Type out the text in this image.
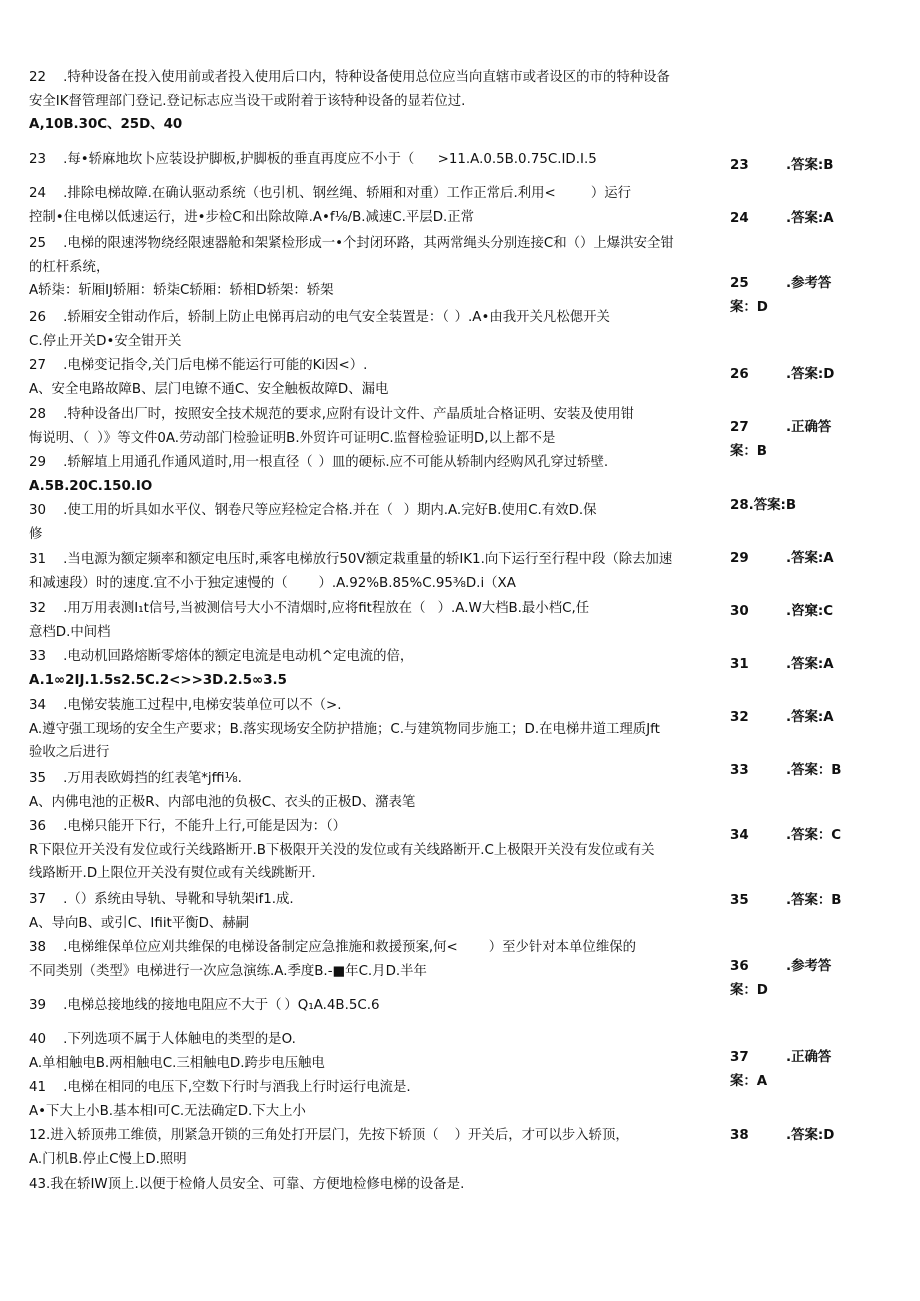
22	.特种设备在投入使用前或者投入使用后口内，特种设备使用总位应当向直辖市或者设区的市的特种设备
安全IK督管理部门登记.登记标志应当设干或附着于该特种设备的显若位过.
A,10B.30C、25D、40
23	.每•轿麻地坎卜应装设护脚板,护脚板的垂直再度应不小于（		>11.A.0.5B.0.75C.ID.I.5
24	.排除电梯故障.在确认驱动系统（也引机、钢丝绳、轿厢和对重）工作正常后.利用<		）运行
控制•住电梯以低速运行，进•步检C和出除故障.A•f⅛/B.减速C.平层D.正常
25	.电梯的限速涔物绕经限速器舱和架紧检形成一•个封闭环路，其两常绳头分别连接C和（）上爆洪安全钳
的杠杆系统，
A轿柒：斩厢IJ轿厢：轿柒C轿厢：轿相D轿架：轿架
26	.轿厢安全钳动作后，轿制上防止电悌再启动的电气安全装置是：（	）.A•由我开关凡松偲开关
C.停止开关D•安全钳开关
27	.电梯变记指令,关门后电梯不能运行可能的Ki因<）.
A、安全电路故障B、层门电镣不通C、安全触板故障D、漏电
28	.特种设备出厂时，按照安全技术规范的要求,应附有设计文件、产晶质址合格证明、安装及使用钳
悔说明、（	）》等文件0A.劳动部门检验证明B.外贸许可证明C.监督检验证明D,以上都不是
29	.轿解埴上用通孔作通风道时,用一根直径（	）皿的硬标.应不可能从轿制内经购风孔穿过轿壁.
A.5B.20C.150.IO
30	.使工用的圻具如水平仪、钢卷尺等应羟检定合格.并在（	）期内.A.完好B.使用C.有效D.保
修
31	.当电源为额定频率和额定电压时,乘客电梯放行50V额定栽重量的轿IK1.向下运行至行程中段（除去加速
和减速段）时的速度.宜不小于独定速慢的（		）.A.92%B.85%C.95⅜D.i（XA
32	.用万用表测I₁t信号,当被测信号大小不清烟时,应将fit程放在（	）.A.W大档B.最小档C,任
意档D.中间档
33	.电动机回路熔断零熔体的额定电流是电动机^定电流的倍，
A.1∞2IJ.1.5s2.5C.2<>>3D.2.5∞3.5
34	.电悌安装施工过程中,电梯安装单位可以不（>.
A.遵守强工现场的安全生产要求；B.落实现场安全防护措施；C.与建筑物同步施工；D.在电梯井道工理质Jft
验收之后进行
35	.万用表欧姆挡的红表笔*jffi⅛.
A、内佛电池的正极R、内部电池的负极C、衣头的正极D、潴表笔
36	.电梯只能开下行，不能升上行,可能是因为：（）
R下限位开关没有发位或行关线路断开.B下极限开关没的发位或有关线路断开.C上极限开关没有发位或有关
线路断开.D上限位开关没有熨位或有关线跳断开.
37	.（）系统由导轨、导靴和导轨架if1.成.
A、导向B、或引C、Ifiit平衡D、赫嗣
38	.电梯维保单位应刈共维保的电梯设备制定应急推施和救援预案,何<		）至少针对本单位维保的
不同类别（类型》电梯进行一次应急演练.A.季度B.-■年C.月D.半年
39	.电梯总接地线的接地电阻应不大于（	）Q₁A.4B.5C.6
40	.下列选项不属于人体触电的类型的是O.
A.单相触电B.两相触电C.三相触电D.跨步电压触电
41	.电梯在相同的电压下,空数下行时与酒我上行时运行电流是.
A•下大上小B.基本相I可C.无法确定D.下大上小
12.进入轿顶弗工维偾，刖紧急开锁的三角处打开层门，先按下轿顶（	）开关后，才可以步入轿顶，
A.门机B.停止C慢上D.照明
43.我在轿IW顶上.以便于检脩人员安全、可靠、方便地检修电梯的设备是.
23	.答案:B
24	.答案:A
25	.参考答
案：D
26	.答案:D
27	.正确答
案：B
28.答案:B
29	.答案:A
30	.咨窠:C
31	.答案:A
32	.答案:A
33	.答案：B
34	.答案：C
35	.答案：B
36	.参考答
案：D
37	.正确答
案：A
38	.答案:D
